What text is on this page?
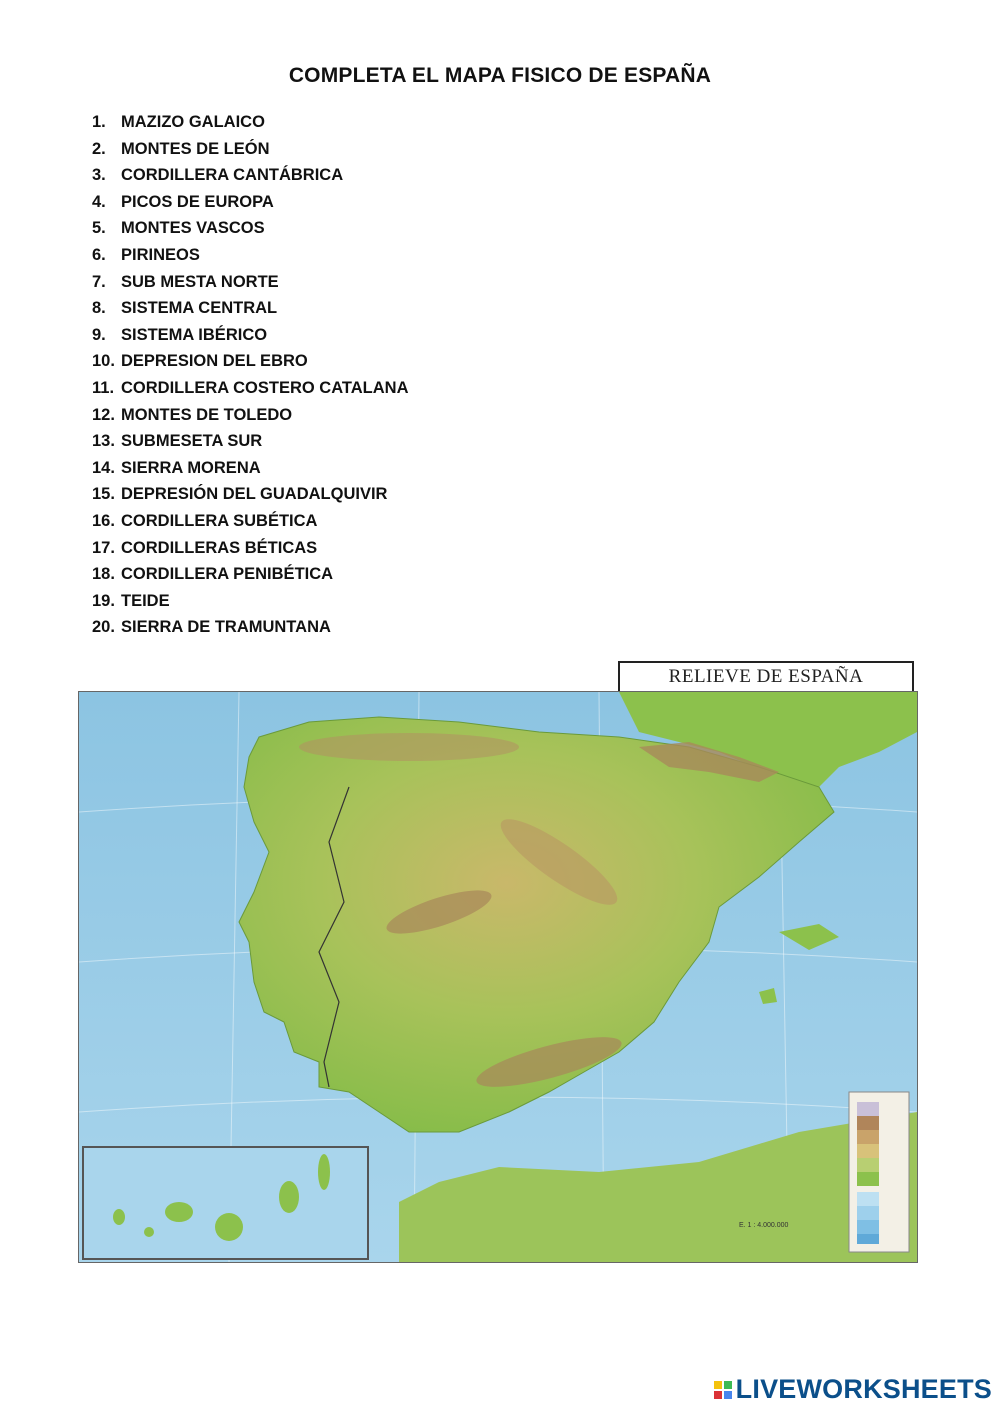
COMPLETA EL MAPA FISICO DE ESPAÑA
1. MAZIZO GALAICO
2. MONTES DE LEÓN
3. CORDILLERA CANTÁBRICA
4. PICOS DE EUROPA
5. MONTES VASCOS
6. PIRINEOS
7. SUB MESTA NORTE
8. SISTEMA CENTRAL
9. SISTEMA IBÉRICO
10. DEPRESION DEL EBRO
11. CORDILLERA COSTERO CATALANA
12. MONTES DE TOLEDO
13. SUBMESETA SUR
14. SIERRA MORENA
15. DEPRESIÓN DEL GUADALQUIVIR
16. CORDILLERA SUBÉTICA
17. CORDILLERAS BÉTICAS
18. CORDILLERA PENIBÉTICA
19. TEIDE
20. SIERRA DE TRAMUNTANA
RELIEVE DE ESPAÑA
E. 1 : 4.000.000
LIVEWORKSHEETS
